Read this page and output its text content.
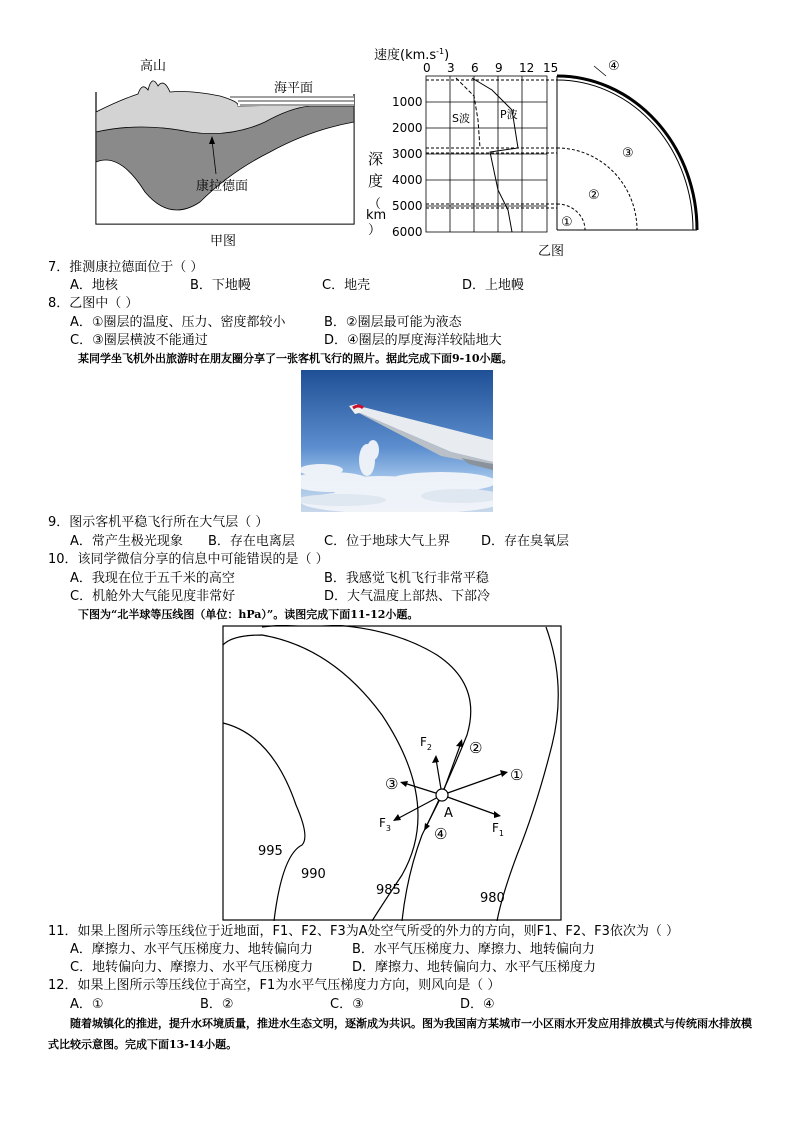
高山
海平面
康拉德面
甲图
速度$(km.s^{-1})$
0 3 6 9 12 15
1000
2000
3000
4000
5000
6000
深
度
（
km
）
S波	P波
①
②
③
④
乙图
7．推测康拉德面位于（ ）
A．地核	B．下地幔	C．地壳	D．上地幔
8．乙图中（ ）
A．①圈层的温度、压力、密度都较小	B．②圈层最可能为液态
C．③圈层横波不能通过	D．④圈层的厚度海洋较陆地大
某同学坐飞机外出旅游时在朋友圈分享了一张客机飞行的照片。据此完成下面9-10小题。
9．图示客机平稳飞行所在大气层（ ）
A．常产生极光现象 B．存在电离层 C．位于地球大气上界 D．存在臭氧层
10．该同学微信分享的信息中可能错误的是（ ）
A．我现在位于五千米的高空	B．我感觉飞机飞行非常平稳
C．机舱外大气能见度非常好	D．大气温度上部热、下部冷
下图为“北半球等压线图（单位：hPa）”。读图完成下面11-12小题。
995
990
985
980
A
$F_2$
$F_1$
$F_3$
①
②
③
④
11．如果上图所示等压线位于近地面，F1、F2、F3为A处空气所受的外力的方向，则F1、F2、F3依次为（ ）
A．摩擦力、水平气压梯度力、地转偏向力	B．水平气压梯度力、摩擦力、地转偏向力
C．地转偏向力、摩擦力、水平气压梯度力	D．摩擦力、地转偏向力、水平气压梯度力
12．如果上图所示等压线位于高空，F1为水平气压梯度力方向，则风向是（ ）
A．①	B．②	C．③	D．④
随着城镇化的推进，提升水环境质量，推进水生态文明，逐渐成为共识。图为我国南方某城市一小区雨水开发应用排放模式与传统雨水排放模式比较示意图。完成下面13-14小题。
